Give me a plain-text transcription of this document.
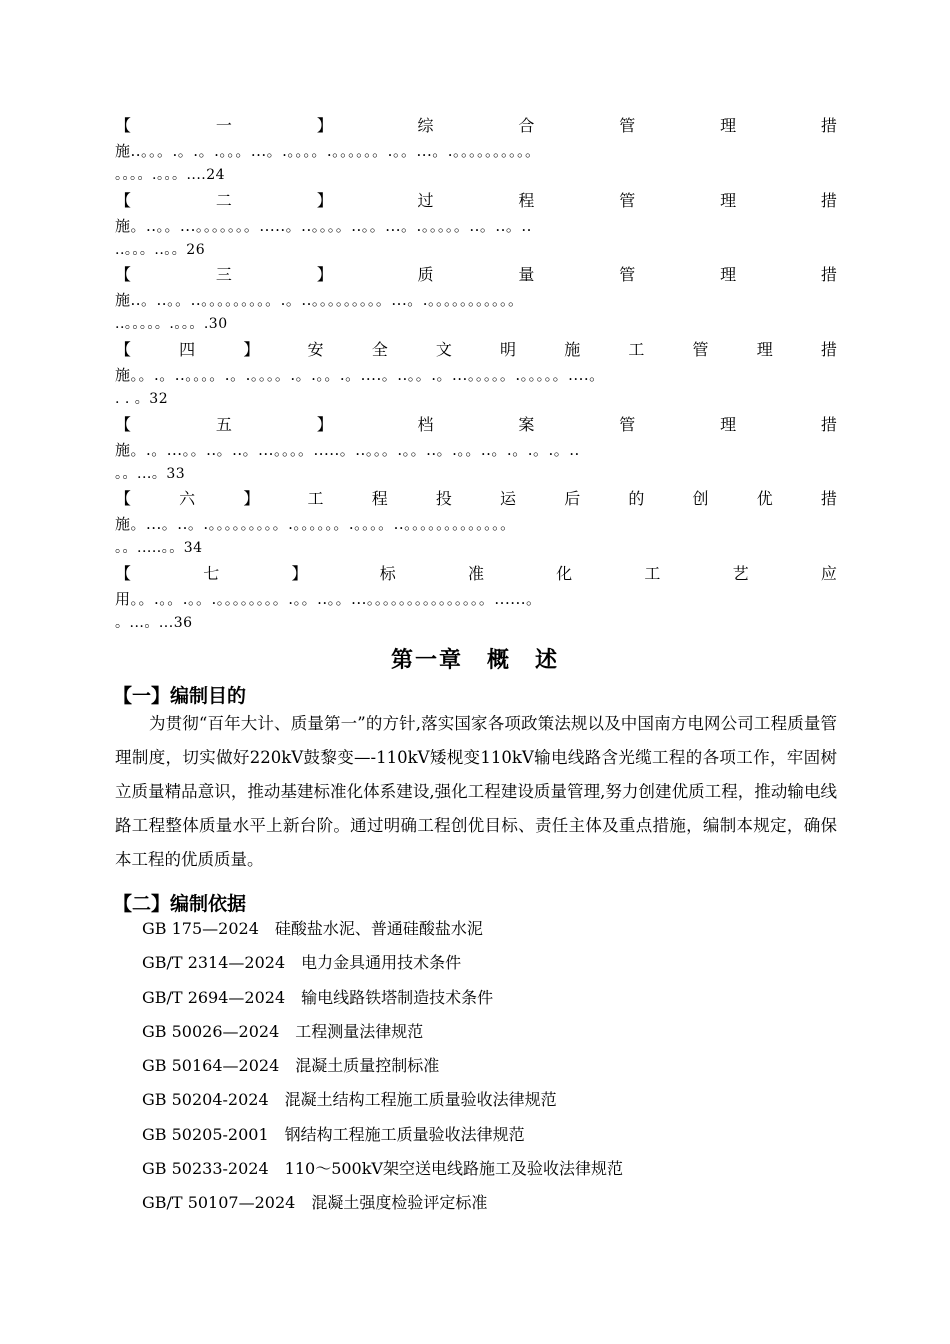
【	一	】	综	合	管	理	措
施..。。。.。.。.。。。...。.。。。。.。。。。。。.。。...。.。。。。。。。。。。
。。。。.。。。....24
【	二	】	过	程	管	理	措
施。..。。...。。。。。。。.....。..。。。。..。。...。.。。。。。..。..。..
..。。。..。。26
【	三	】	质	量	管	理	措
施..。..。。..。。。。。。。。。.。..。。。。。。。。。...。.。。。。。。。。。。。
..。。。。。.。。。.30
【	四	】	安	全	文	明	施	工	管	理	措
施。。.。..。。。。.。.。。。。.。.。。.。....。..。。.。...。。。。。.。。。。。....。
. . 。32
【	五	】	档	案	管	理	措
施。.。...。。..。..。...。。。。.....。..。。。.。。..。.。。..。.。.。.。..
。。...。33
【	六	】	工	程	投	运	后	的	创	优	措
施。...。..。.。。。。。。。。。.。。。。。。.。。。。..。。。。。。。。。。。。。
。。.....。。34
【	七	】	标	准	化	工	艺	应
用。。.。。.。。.。。。。。。。。.。。..。。...。。。。。。。。。。。。。。。......。
。...。...36
第一章　概　述
【一】编制目的

为贯彻“百年大计、质量第一”的方针,落实国家各项政策法规以及中国南方电网公司工程质量管理制度，切实做好220kV鼓黎变—-110kV矮枧变110kV输电线路含光缆工程的各项工作，牢固树立质量精品意识，推动基建标准化体系建设,强化工程建设质量管理,努力创建优质工程，推动输电线路工程整体质量水平上新台阶。通过明确工程创优目标、责任主体及重点措施，编制本规定，确保本工程的优质质量。

【二】编制依据
GB 175—2024 硅酸盐水泥、普通硅酸盐水泥
GB/T 2314—2024 电力金具通用技术条件
GB/T 2694—2024 输电线路铁塔制造技术条件
GB 50026—2024 工程测量法律规范
GB 50164—2024 混凝土质量控制标准
GB 50204-2024 混凝土结构工程施工质量验收法律规范
GB 50205-2001 钢结构工程施工质量验收法律规范
GB 50233-2024 110～500kV架空送电线路施工及验收法律规范
GB/T 50107—2024 混凝土强度检验评定标准
